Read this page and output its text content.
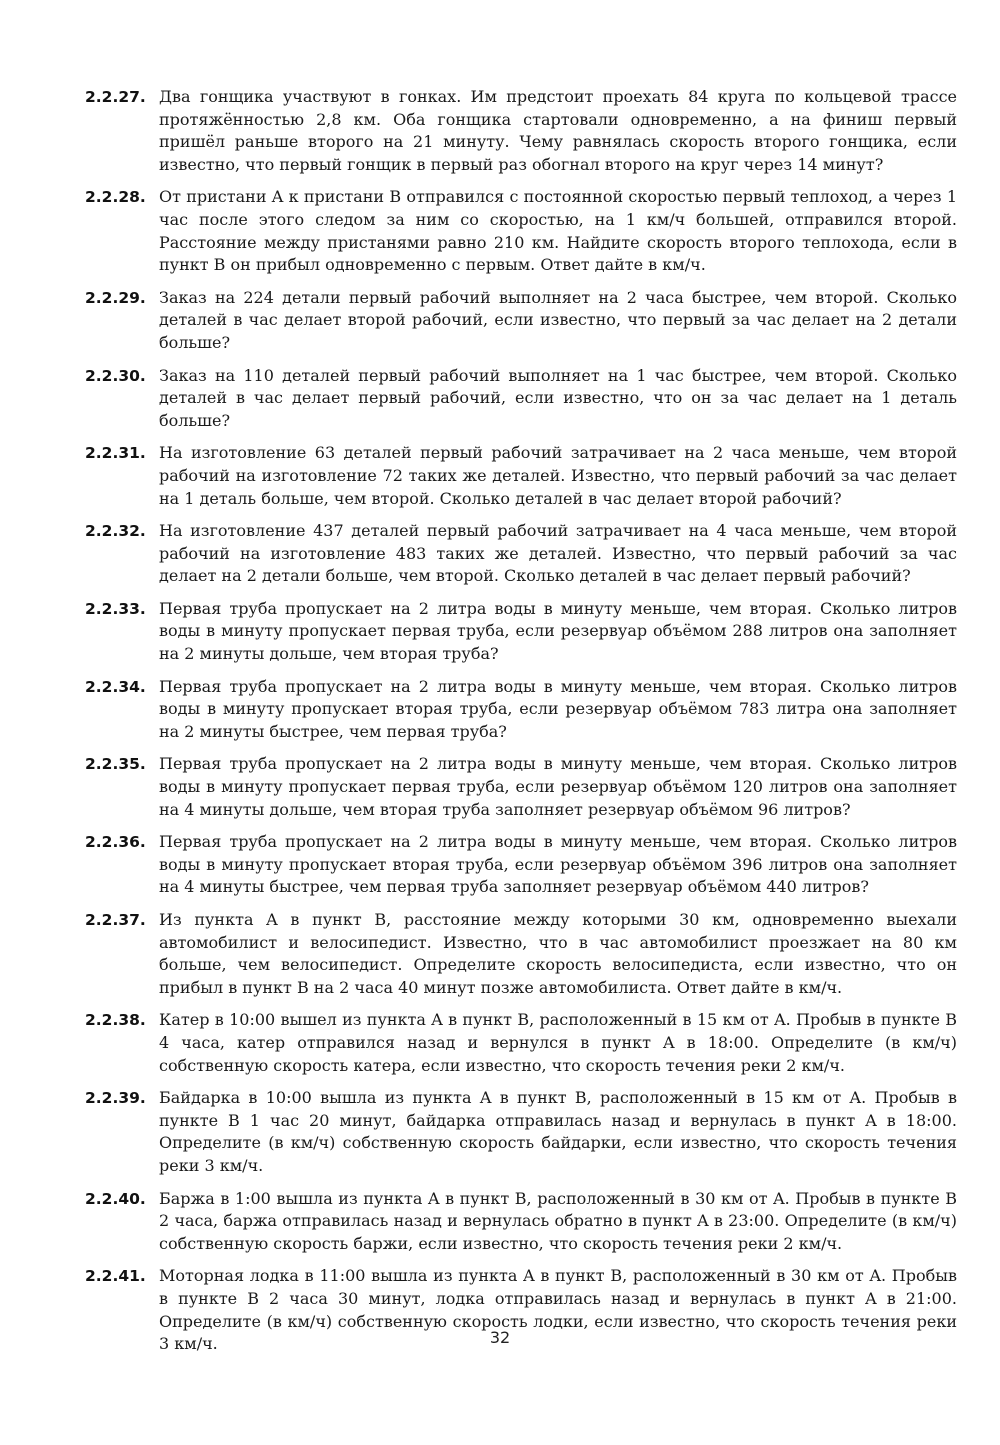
2.2.27. Два гонщика участвуют в гонках. Им предстоит проехать 84 круга по кольцевой трассе протяжённостью 2,8 км. Оба гонщика стартовали одновременно, а на финиш первый пришёл раньше второго на 21 минуту. Чему равнялась скорость второго гонщика, если известно, что первый гонщик в первый раз обогнал второго на круг через 14 минут?
2.2.28. От пристани A к пристани B отправился с постоянной скоростью первый теплоход, а через 1 час после этого следом за ним со скоростью, на 1 км/ч большей, отправился второй. Расстояние между пристанями равно 210 км. Найдите скорость второго теплохода, если в пункт B он прибыл одновременно с первым. Ответ дайте в км/ч.
2.2.29. Заказ на 224 детали первый рабочий выполняет на 2 часа быстрее, чем второй. Сколько деталей в час делает второй рабочий, если известно, что первый за час делает на 2 детали больше?
2.2.30. Заказ на 110 деталей первый рабочий выполняет на 1 час быстрее, чем второй. Сколько деталей в час делает первый рабочий, если известно, что он за час делает на 1 деталь больше?
2.2.31. На изготовление 63 деталей первый рабочий затрачивает на 2 часа меньше, чем второй рабочий на изготовление 72 таких же деталей. Известно, что первый рабочий за час делает на 1 деталь больше, чем второй. Сколько деталей в час делает второй рабочий?
2.2.32. На изготовление 437 деталей первый рабочий затрачивает на 4 часа меньше, чем второй рабочий на изготовление 483 таких же деталей. Известно, что первый рабочий за час делает на 2 детали больше, чем второй. Сколько деталей в час делает первый рабочий?
2.2.33. Первая труба пропускает на 2 литра воды в минуту меньше, чем вторая. Сколько литров воды в минуту пропускает первая труба, если резервуар объёмом 288 литров она заполняет на 2 минуты дольше, чем вторая труба?
2.2.34. Первая труба пропускает на 2 литра воды в минуту меньше, чем вторая. Сколько литров воды в минуту пропускает вторая труба, если резервуар объёмом 783 литра она заполняет на 2 минуты быстрее, чем первая труба?
2.2.35. Первая труба пропускает на 2 литра воды в минуту меньше, чем вторая. Сколько литров воды в минуту пропускает первая труба, если резервуар объёмом 120 литров она заполняет на 4 минуты дольше, чем вторая труба заполняет резервуар объёмом 96 литров?
2.2.36. Первая труба пропускает на 2 литра воды в минуту меньше, чем вторая. Сколько литров воды в минуту пропускает вторая труба, если резервуар объёмом 396 литров она заполняет на 4 минуты быстрее, чем первая труба заполняет резервуар объёмом 440 литров?
2.2.37. Из пункта A в пункт B, расстояние между которыми 30 км, одновременно выехали автомобилист и велосипедист. Известно, что в час автомобилист проезжает на 80 км больше, чем велосипедист. Определите скорость велосипедиста, если известно, что он прибыл в пункт B на 2 часа 40 минут позже автомобилиста. Ответ дайте в км/ч.
2.2.38. Катер в 10:00 вышел из пункта A в пункт B, расположенный в 15 км от A. Пробыв в пункте B 4 часа, катер отправился назад и вернулся в пункт A в 18:00. Определите (в км/ч) собственную скорость катера, если известно, что скорость течения реки 2 км/ч.
2.2.39. Байдарка в 10:00 вышла из пункта A в пункт B, расположенный в 15 км от A. Пробыв в пункте B 1 час 20 минут, байдарка отправилась назад и вернулась в пункт A в 18:00. Определите (в км/ч) собственную скорость байдарки, если известно, что скорость течения реки 3 км/ч.
2.2.40. Баржа в 1:00 вышла из пункта A в пункт B, расположенный в 30 км от A. Пробыв в пункте B 2 часа, баржа отправилась назад и вернулась обратно в пункт A в 23:00. Определите (в км/ч) собственную скорость баржи, если известно, что скорость течения реки 2 км/ч.
2.2.41. Моторная лодка в 11:00 вышла из пункта A в пункт B, расположенный в 30 км от A. Пробыв в пункте B 2 часа 30 минут, лодка отправилась назад и вернулась в пункт A в 21:00. Определите (в км/ч) собственную скорость лодки, если известно, что скорость течения реки 3 км/ч.	32
